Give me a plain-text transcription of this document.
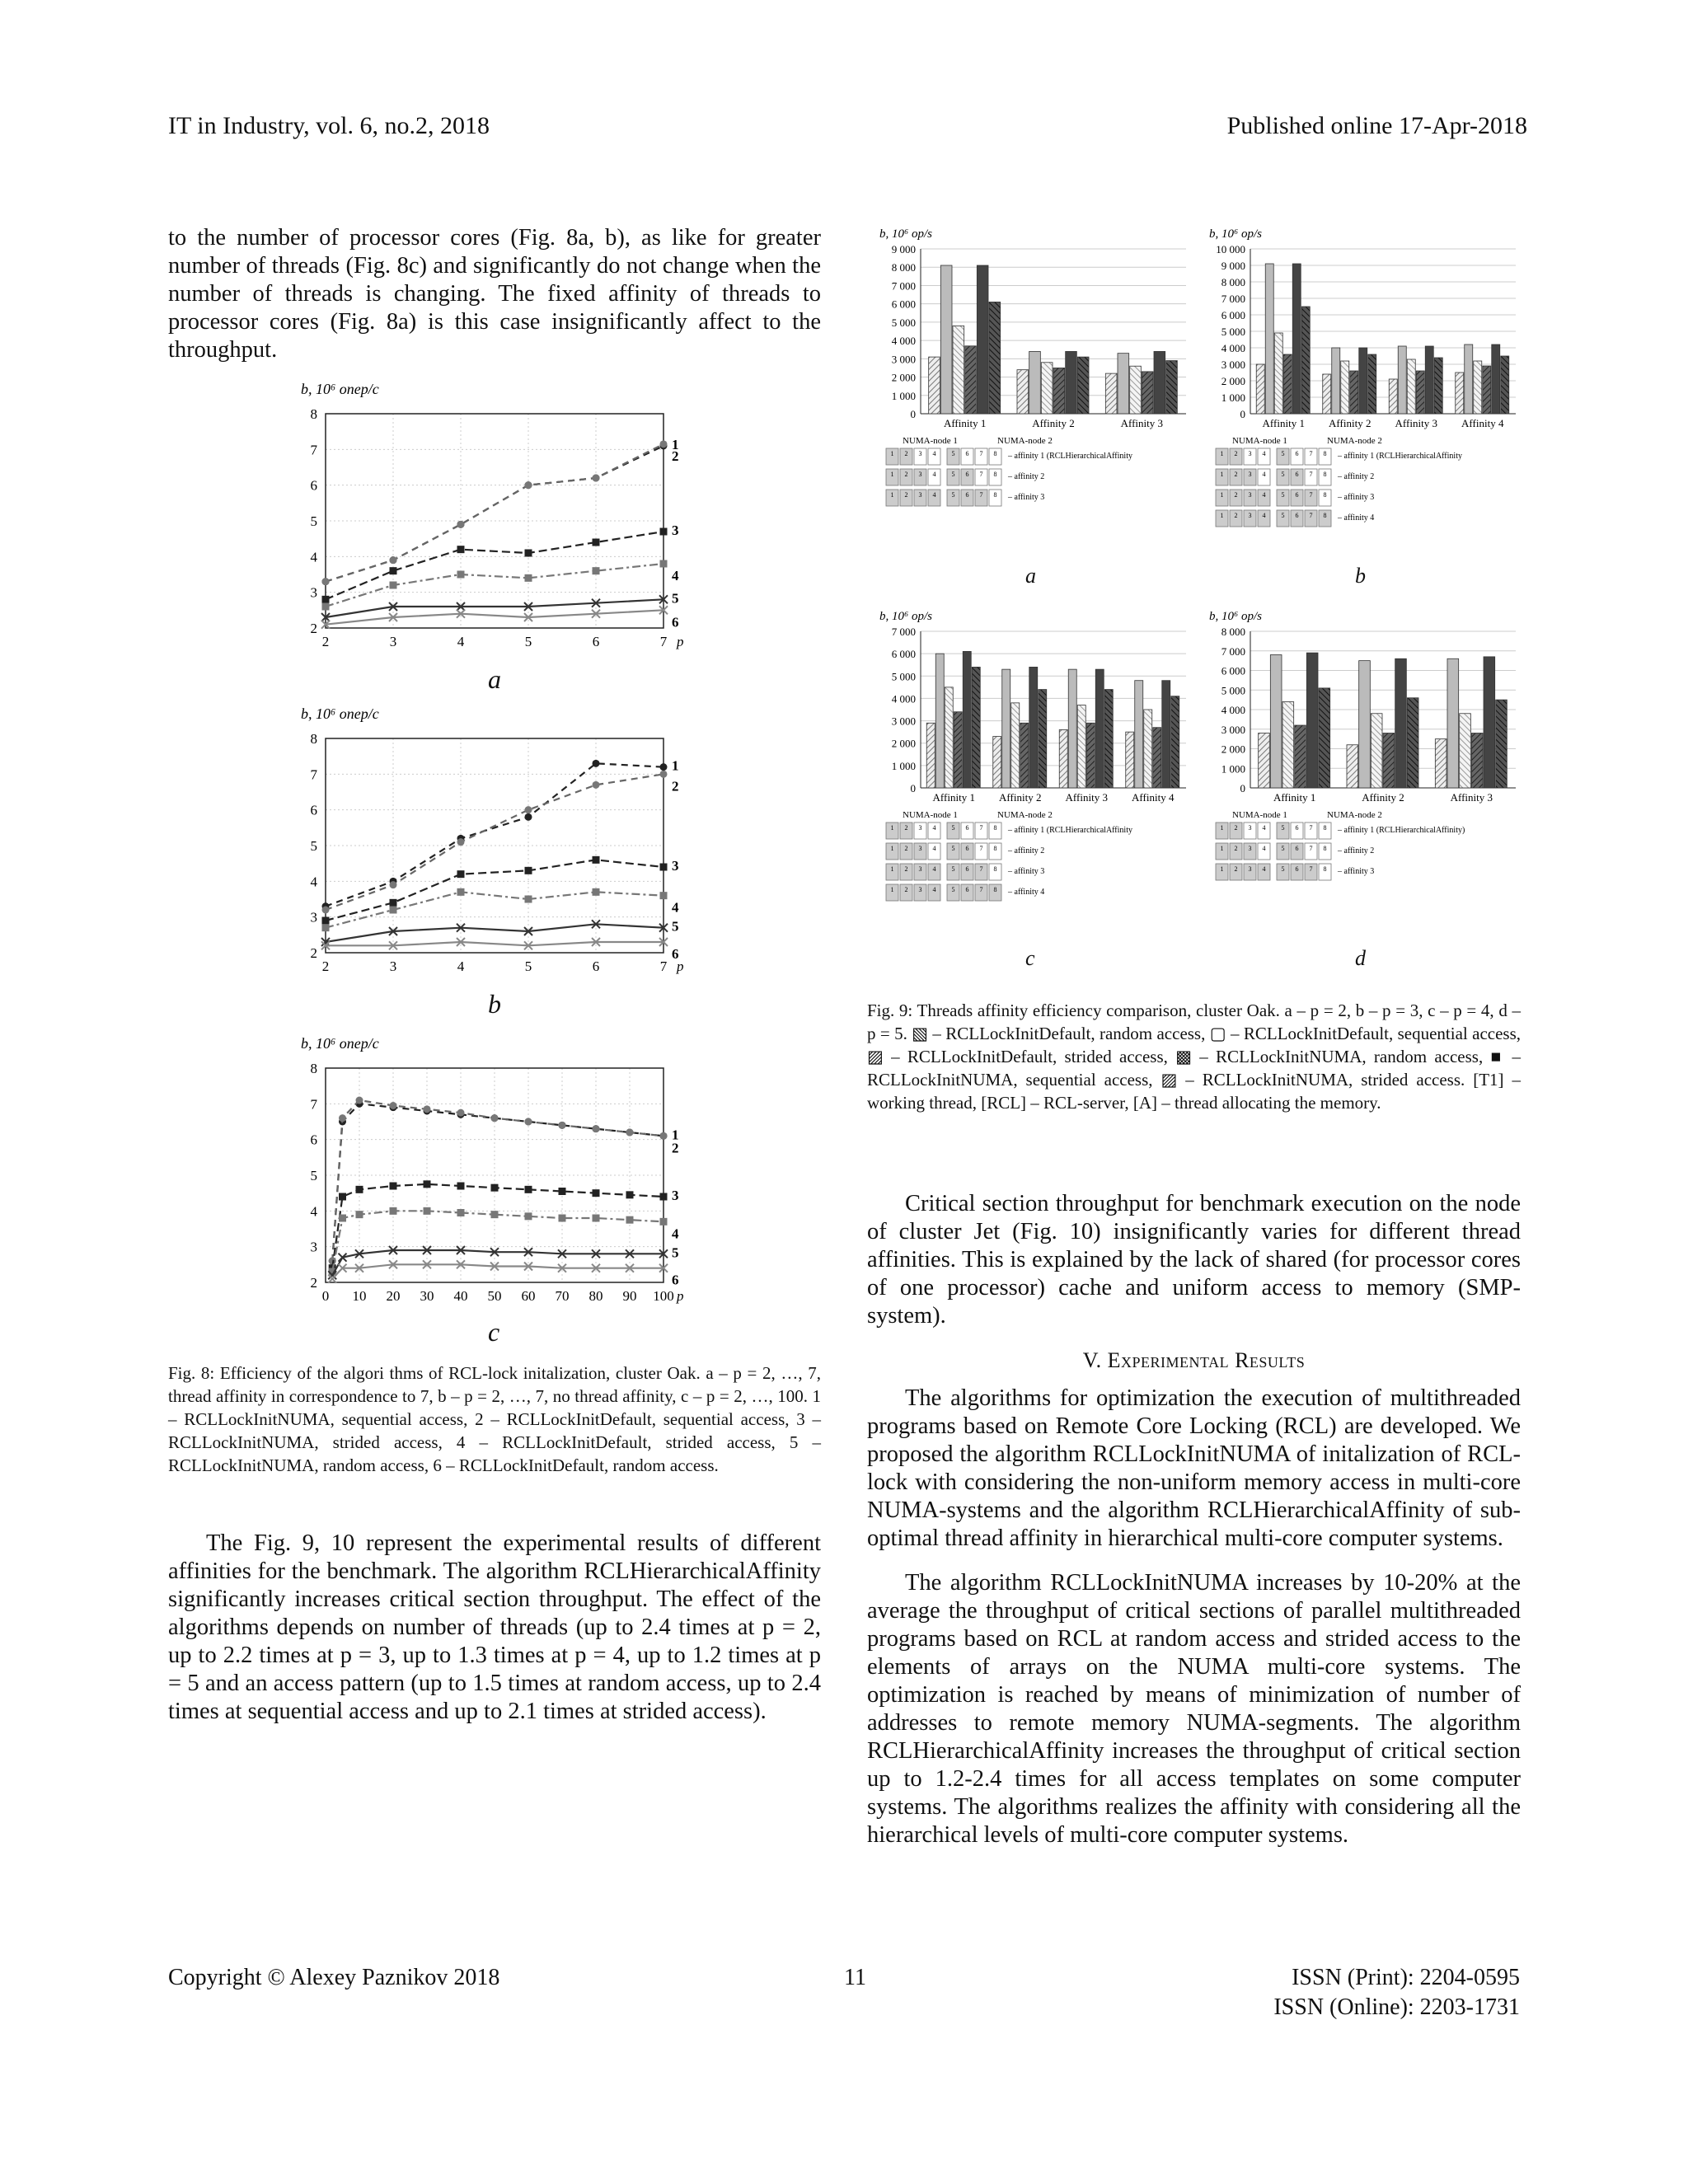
IT in Industry, vol. 6, no.2, 2018	Published online 17-Apr-2018

to the number of processor cores (Fig. 8a, b), as like for greater number of threads (Fig. 8c) and significantly do not change when the number of threads is changing. The fixed affinity of threads to processor cores (Fig. 8a) is this case insignificantly affect to the throughput.

b, 10⁶ опер/с
2
3
4
5
6
7
8
2	3	4	5	6	7 p
1
2
3
4
5
6
a
b, 10⁶ опер/с
2
3
4
5
6
7
8
2	3	4	5	6	7 p
1
2
3
4
5
6
b
b, 10⁶ опер/с
2
3
4
5
6
7
8
0 10 20 30 40 50 60 70 80 90 100 p
1
2
3
4
5
6
c
Fig. 8: Efficiency of the algori thms of RCL-lock initalization, cluster Oak. a – p = 2, …, 7, thread affinity in correspondence to 7, b – p = 2, …, 7, no thread affinity, c – p = 2, …, 100. 1 – RCLLockInitNUMA, sequential access, 2 – RCLLockInitDefault, sequential access, 3 – RCLLockInitNUMA, strided access, 4 – RCLLockInitDefault, strided access, 5 – RCLLockInitNUMA, random access, 6 – RCLLockInitDefault, random access.

The Fig. 9, 10 represent the experimental results of different affinities for the benchmark. The algorithm RCLHierarchicalAffinity significantly increases critical section throughput. The effect of the algorithms depends on number of threads (up to 2.4 times at p = 2, up to 2.2 times at p = 3, up to 1.3 times at p = 4, up to 1.2 times at p = 5 and an access pattern (up to 1.5 times at random access, up to 2.4 times at sequential access and up to 2.1 times at strided access).

b, 10⁶ op/s
0
1 000
2 000
3 000
4 000
5 000
6 000
7 000
8 000
9 000
Affinity 1	Affinity 2	Affinity 3
NUMA-node 1	NUMA-node 2
1 2 3 4 5 6 7 8 – affinity 1 (RCLHierarchicalAffinity
1 2 3 4 5 6 7 8 – affinity 2
1 2 3 4 5 6 7 8 – affinity 3
b, 10⁶ op/s
0
1 000
2 000
3 000
4 000
5 000
6 000
7 000
8 000
9 000
10 000
Affinity 1 Affinity 2 Affinity 3 Affinity 4
NUMA-node 1	NUMA-node 2
1 2 3 4 5 6 7 8 – affinity 1 (RCLHierarchicalAffinity
1 2 3 4 5 6 7 8 – affinity 2
1 2 3 4 5 6 7 8 – affinity 3
1 2 3 4 5 6 7 8 – affinity 4
a	b
b, 10⁶ op/s
0
1 000
2 000
3 000
4 000
5 000
6 000
7 000
Affinity 1 Affinity 2 Affinity 3 Affinity 4
NUMA-node 1	NUMA-node 2
1 2 3 4 5 6 7 8 – affinity 1 (RCLHierarchicalAffinity
1 2 3 4 5 6 7 8 – affinity 2
1 2 3 4 5 6 7 8 – affinity 3
1 2 3 4 5 6 7 8 – affinity 4
b, 10⁶ op/s
0
1 000
2 000
3 000
4 000
5 000
6 000
7 000
8 000
Affinity 1	Affinity 2	Affinity 3
NUMA-node 1	NUMA-node 2
1 2 3 4 5 6 7 8 – affinity 1 (RCLHierarchicalAffinity)
1 2 3 4 5 6 7 8 – affinity 2
1 2 3 4 5 6 7 8 – affinity 3
c	d
Fig. 9: Threads affinity efficiency comparison, cluster Oak. a – p = 2, b – p = 3, c – p = 4, d – p = 5. ▧ – RCLLockInitDefault, random access, ▢ – RCLLockInitDefault, sequential access, ▨ – RCLLockInitDefault, strided access, ▩ – RCLLockInitNUMA, random access, ■ – RCLLockInitNUMA, sequential access, ▨ – RCLLockInitNUMA, strided access. [T1] – working thread, [RCL] – RCL-server, [A] – thread allocating the memory.

Critical section throughput for benchmark execution on the node of cluster Jet (Fig. 10) insignificantly varies for different thread affinities. This is explained by the lack of shared (for processor cores of one processor) cache and uniform access to memory (SMP-system).

V. Experimental Results

The algorithms for optimization the execution of multithreaded programs based on Remote Core Locking (RCL) are developed. We proposed the algorithm RCLLockInitNUMA of initalization of RCL-lock with considering the non-uniform memory access in multi-core NUMA-systems and the algorithm RCLHierarchicalAffinity of sub-optimal thread affinity in hierarchical multi-core computer systems.

The algorithm RCLLockInitNUMA increases by 10-20% at the average the throughput of critical sections of parallel multithreaded programs based on RCL at random access and strided access to the elements of arrays on the NUMA multi-core systems. The optimization is reached by means of minimization of number of addresses to remote memory NUMA-segments. The algorithm RCLHierarchicalAffinity increases the throughput of critical section up to 1.2-2.4 times for all access templates on some computer systems. The algorithms realizes the affinity with considering all the hierarchical levels of multi-core computer systems.

Copyright © Alexey Paznikov 2018	11	ISSN (Print): 2204-0595
ISSN (Online): 2203-1731
